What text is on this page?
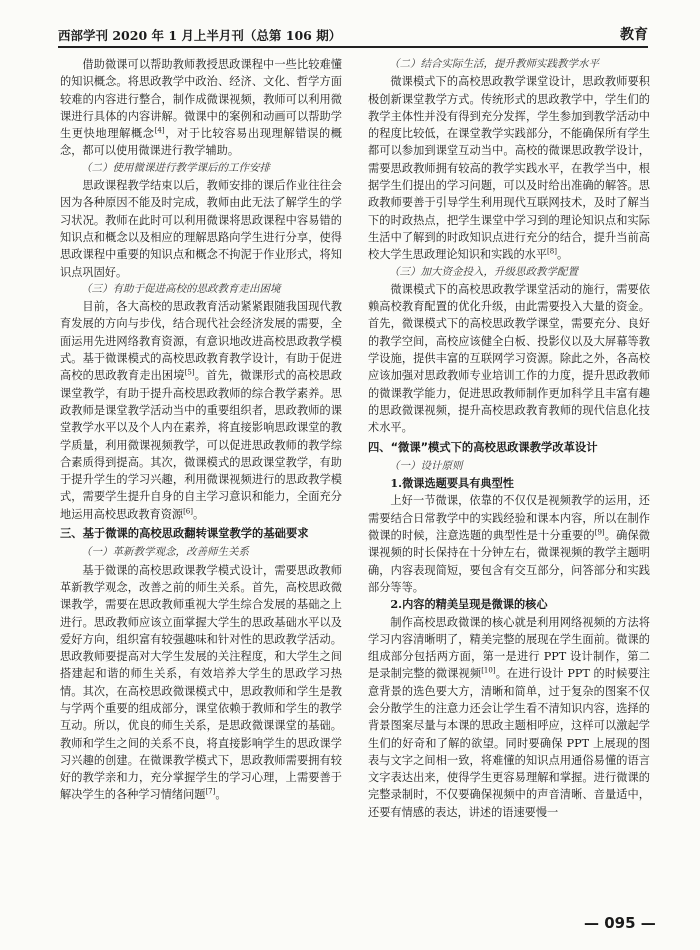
西部学刊 2020 年 1 月上半月刊（总第 106 期）	教育

借助微课可以帮助教师教授思政课程中一些比较难懂的知识概念。将思政教学中政治、经济、文化、哲学方面较难的内容进行整合，制作成微课视频，教师可以利用微课进行具体的内容讲解。微课中的案例和动画可以帮助学生更快地理解概念[4]，对于比较容易出现理解错误的概念，都可以使用微课进行教学辅助。

（二）使用微课进行教学课后的工作安排

思政课程教学结束以后，教师安排的课后作业往往会因为各种原因不能及时完成，教师由此无法了解学生的学习状况。教师在此时可以利用微课将思政课程中容易错的知识点和概念以及相应的理解思路向学生进行分享，使得思政课程中重要的知识点和概念不拘泥于作业形式，将知识点巩固好。

（三）有助于促进高校的思政教育走出困境

目前，各大高校的思政教育活动紧紧跟随我国现代教育发展的方向与步伐，结合现代社会经济发展的需要，全面运用先进网络教育资源，有意识地改进高校思政教学模式。基于微课模式的高校思政教育教学设计，有助于促进高校的思政教育走出困境[5]。首先，微课形式的高校思政课堂教学，有助于提升高校思政教师的综合教学素养。思政教师是课堂教学活动当中的重要组织者，思政教师的课堂教学水平以及个人内在素养，将直接影响思政课堂的教学质量，利用微课视频教学，可以促进思政教师的教学综合素质得到提高。其次，微课模式的思政课堂教学，有助于提升学生的学习兴趣，利用微课视频进行的思政教学模式，需要学生提升自身的自主学习意识和能力，全面充分地运用高校思政教育资源[6]。

三、基于微课的高校思政翻转课堂教学的基础要求

（一）革新教学观念，改善师生关系

基于微课的高校思政课教学模式设计，需要思政教师革新教学观念，改善之前的师生关系。首先，高校思政微课教学，需要在思政教师重视大学生综合发展的基础之上进行。思政教师应该立面掌握大学生的思政基础水平以及爱好方向，组织富有较强趣味和针对性的思政教学活动。思政教师要提高对大学生发展的关注程度，和大学生之间搭建起和谐的师生关系，有效培养大学生的思政学习热情。其次，在高校思政微课模式中，思政教师和学生是教与学两个重要的组成部分，课堂依赖于教师和学生的教学互动。所以，优良的师生关系，是思政微课课堂的基础。教师和学生之间的关系不良，将直接影响学生的思政课学习兴趣的创建。在微课教学模式下，思政教师需要拥有较好的教学亲和力，充分掌握学生的学习心理，上需要善于解决学生的各种学习情绪问题[7]。

（二）结合实际生活，提升教师实践教学水平

微课模式下的高校思政教学课堂设计，思政教师要积极创新课堂教学方式。传统形式的思政教学中，学生们的教学主体性并没有得到充分发挥，学生参加到教学活动中的程度比较低，在课堂教学实践部分，不能确保所有学生都可以参加到课堂互动当中。高校的微课思政教学设计，需要思政教师拥有较高的教学实践水平，在教学当中，根据学生们提出的学习问题，可以及时给出准确的解答。思政教师要善于引导学生利用现代互联网技术，及时了解当下的时政热点，把学生课堂中学习到的理论知识点和实际生活中了解到的时政知识点进行充分的结合，提升当前高校大学生思政理论知识和实践的水平[8]。

（三）加大资金投入，升级思政教学配置

微课模式下的高校思政教学课堂活动的施行，需要依赖高校教育配置的优化升级，由此需要投入大量的资金。首先，微课模式下的高校思政教学课堂，需要充分、良好的教学空间，高校应该健全白板、投影仪以及大屏幕等教学设施，提供丰富的互联网学习资源。除此之外，各高校应该加强对思政教师专业培训工作的力度，提升思政教师的微课教学能力，促进思政教师制作更加科学且丰富有趣的思政微课视频，提升高校思政教育教师的现代信息化技术水平。

四、“微课”模式下的高校思政课教学改革设计

（一）设计原则

1.微课选题要具有典型性

上好一节微课，依靠的不仅仅是视频教学的运用，还需要结合日常教学中的实践经验和课本内容，所以在制作微课的时候，注意选题的典型性是十分重要的[9]。确保微课视频的时长保持在十分钟左右，微课视频的教学主题明确，内容表现简短，要包含有交互部分，问答部分和实践部分等等。

2.内容的精美呈现是微课的核心

制作高校思政微课的核心就是利用网络视频的方法将学习内容清晰明了，精美完整的展现在学生面前。微课的组成部分包括两方面，第一是进行 PPT 设计制作，第二是录制完整的微课视频[10]。在进行设计 PPT 的时候要注意背景的选色要大方，清晰和简单，过于复杂的图案不仅会分散学生的注意力还会让学生看不清知识内容，选择的背景图案尽量与本课的思政主题相呼应，这样可以激起学生们的好奇和了解的欲望。同时要确保 PPT 上展现的图表与文字之间相一致，将难懂的知识点用通俗易懂的语言文字表达出来，使得学生更容易理解和掌握。进行微课的完整录制时，不仅要确保视频中的声音清晰、音量适中，还要有情感的表达，讲述的语速要慢一

— 095 —
